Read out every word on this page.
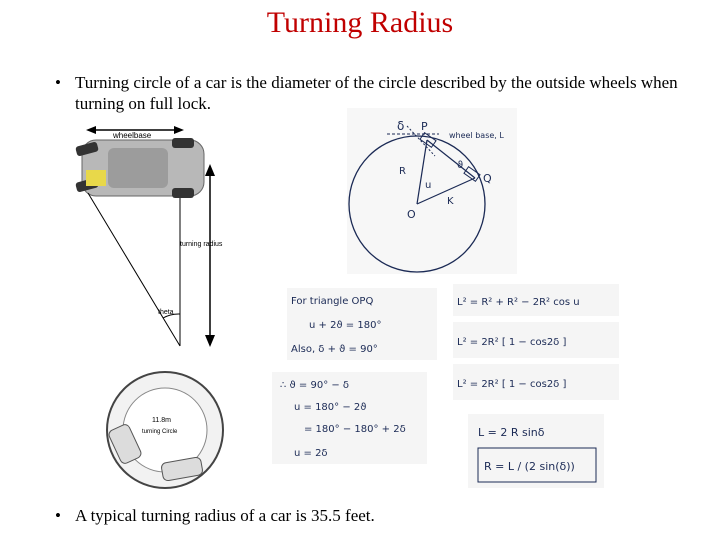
Turning Radius
• Turning circle of a car is the diameter of the circle described by the outside wheels when turning on full lock.
wheelbase
theta
turning radius
11.8m
turning Circle
δ P
Q
O
R
u
K
ϑ
wheel base, L
For triangle OPQ
u + 2ϑ = 180°
Also, δ + ϑ = 90°
∴ ϑ = 90° − δ
u = 180° − 2ϑ
= 180° − 180° + 2δ
u = 2δ
L² = R² + R² − 2R² cos u
L² = 2R² [ 1 − cos2δ ]
L² = 2R² [ 1 − cos2δ ]
L = 2 R sinδ
R = L / (2 sin(δ))
• A typical turning radius of a car is 35.5 feet.
